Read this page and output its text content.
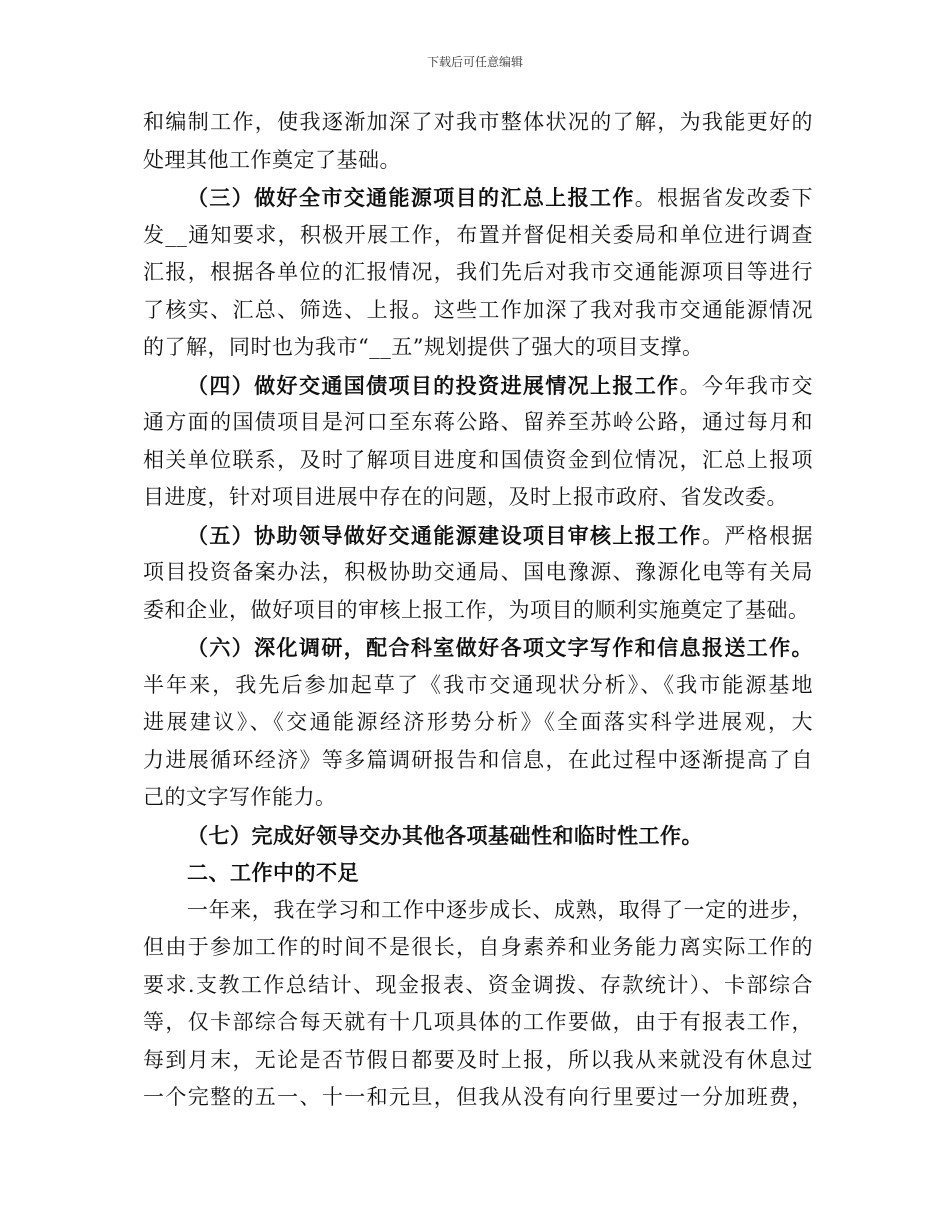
下载后可任意编辑
和编制工作，使我逐渐加深了对我市整体状况的了解，为我能更好的
处理其他工作奠定了基础。
（三）做好全市交通能源项目的汇总上报工作。根据省发改委下
发__通知要求，积极开展工作，布置并督促相关委局和单位进行调查
汇报，根据各单位的汇报情况，我们先后对我市交通能源项目等进行
了核实、汇总、筛选、上报。这些工作加深了我对我市交通能源情况
的了解，同时也为我市“__五”规划提供了强大的项目支撑。
（四）做好交通国债项目的投资进展情况上报工作。今年我市交
通方面的国债项目是河口至东蒋公路、留养至苏岭公路，通过每月和
相关单位联系，及时了解项目进度和国债资金到位情况，汇总上报项
目进度，针对项目进展中存在的问题，及时上报市政府、省发改委。
（五）协助领导做好交通能源建设项目审核上报工作。严格根据
项目投资备案办法，积极协助交通局、国电豫源、豫源化电等有关局
委和企业，做好项目的审核上报工作，为项目的顺利实施奠定了基础。
（六）深化调研，配合科室做好各项文字写作和信息报送工作。
半年来，我先后参加起草了《我市交通现状分析》、《我市能源基地
进展建议》、《交通能源经济形势分析》《全面落实科学进展观，大
力进展循环经济》等多篇调研报告和信息，在此过程中逐渐提高了自
己的文字写作能力。
（七）完成好领导交办其他各项基础性和临时性工作。
二、工作中的不足
一年来，我在学习和工作中逐步成长、成熟，取得了一定的进步，
但由于参加工作的时间不是很长，自身素养和业务能力离实际工作的
要求.支教工作总结计、现金报表、资金调拨、存款统计）、卡部综合
等，仅卡部综合每天就有十几项具体的工作要做，由于有报表工作，
每到月末，无论是否节假日都要及时上报，所以我从来就没有休息过
一个完整的五一、十一和元旦，但我从没有向行里要过一分加班费，
